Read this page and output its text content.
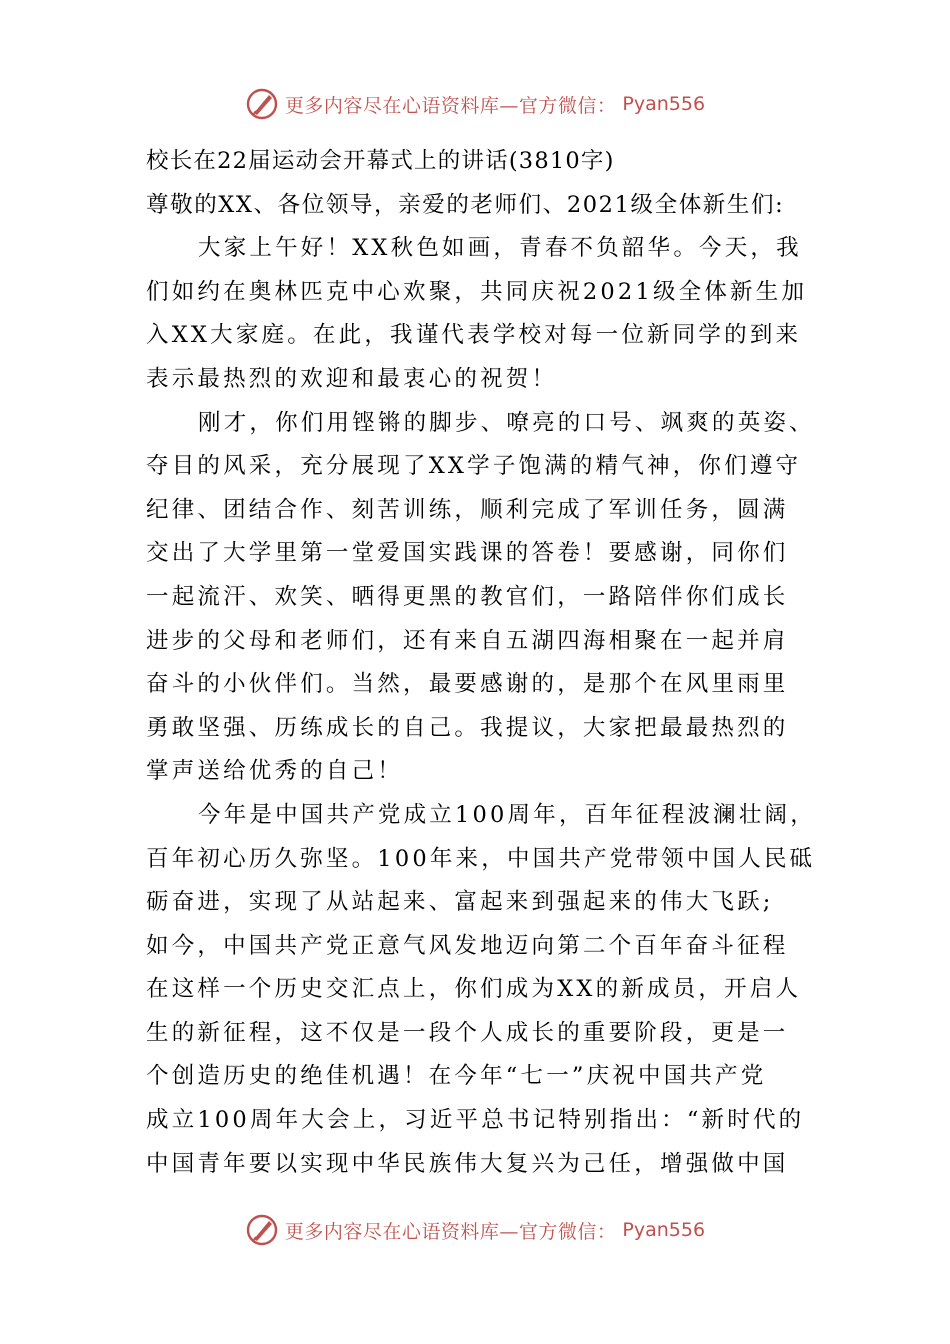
更多内容尽在心语资料库—官方微信： Pyan556
校长在22届运动会开幕式上的讲话(3810字)
尊敬的XX、各位领导，亲爱的老师们、2021级全体新生们:
大家上午好！XX秋色如画，青春不负韶华。今天，我
们如约在奥林匹克中心欢聚，共同庆祝2021级全体新生加
入XX大家庭。在此，我谨代表学校对每一位新同学的到来
表示最热烈的欢迎和最衷心的祝贺！
刚才，你们用铿锵的脚步、嘹亮的口号、飒爽的英姿、
夺目的风采，充分展现了XX学子饱满的精气神，你们遵守
纪律、团结合作、刻苦训练，顺利完成了军训任务，圆满
交出了大学里第一堂爱国实践课的答卷！要感谢，同你们
一起流汗、欢笑、晒得更黑的教官们，一路陪伴你们成长
进步的父母和老师们，还有来自五湖四海相聚在一起并肩
奋斗的小伙伴们。当然，最要感谢的，是那个在风里雨里
勇敢坚强、历练成长的自己。我提议，大家把最最热烈的
掌声送给优秀的自己！
今年是中国共产党成立100周年，百年征程波澜壮阔，
百年初心历久弥坚。100年来，中国共产党带领中国人民砥
砺奋进，实现了从站起来、富起来到强起来的伟大飞跃;
如今，中国共产党正意气风发地迈向第二个百年奋斗征程
在这样一个历史交汇点上，你们成为XX的新成员，开启人
生的新征程，这不仅是一段个人成长的重要阶段，更是一
个创造历史的绝佳机遇！在今年“七一”庆祝中国共产党
成立100周年大会上，习近平总书记特别指出：“新时代的
中国青年要以实现中华民族伟大复兴为己任，增强做中国
更多内容尽在心语资料库—官方微信： Pyan556
